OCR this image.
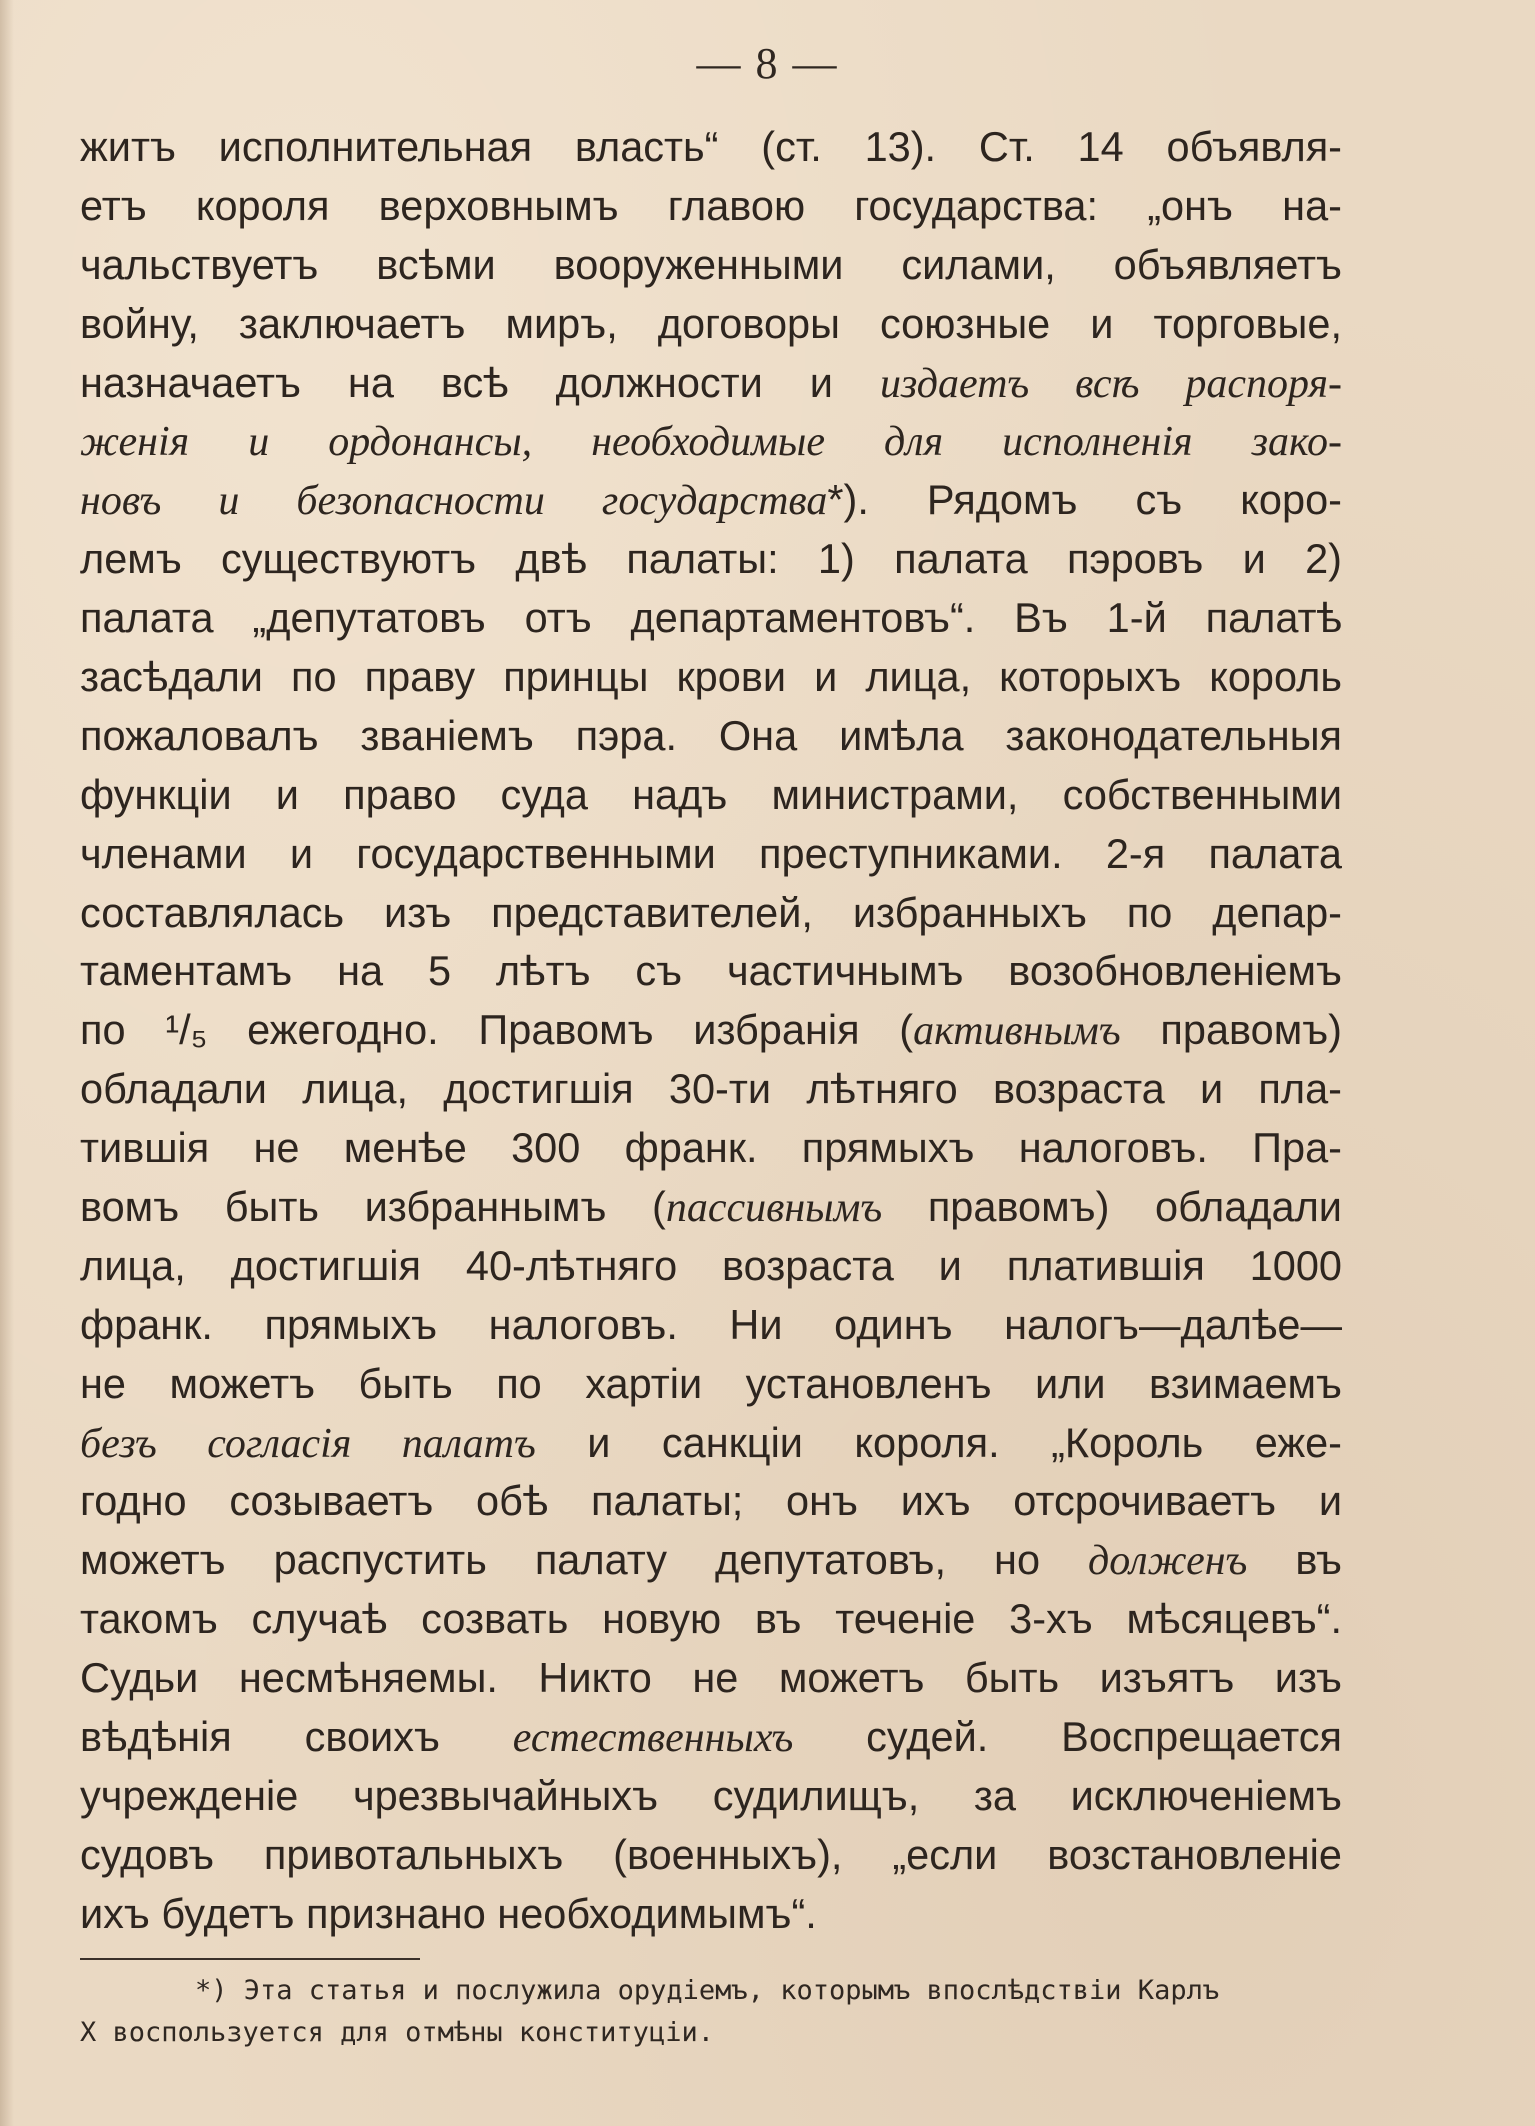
— 8 —
житъ исполнительная власть“ (ст. 13). Ст. 14 объявля-
етъ короля верховнымъ главою государства: „онъ на-
чальствуетъ всѣми вооруженными силами, объявляетъ
войну, заключаетъ миръ, договоры союзные и торговые,
назначаетъ на всѣ должности и издаетъ всѣ распоря-
женія и ордонансы, необходимые для исполненія зако-
новъ и безопасности государства*). Рядомъ съ коро-
лемъ существуютъ двѣ палаты: 1) палата пэровъ и 2)
палата „депутатовъ отъ департаментовъ“. Въ 1-й палатѣ
засѣдали по праву принцы крови и лица, которыхъ король
пожаловалъ званіемъ пэра. Она имѣла законодательныя
функціи и право суда надъ министрами, собственными
членами и государственными преступниками. 2-я палата
составлялась изъ представителей, избранныхъ по депар-
таментамъ на 5 лѣтъ съ частичнымъ возобновленіемъ
по ¹/₅ ежегодно. Правомъ избранія (активнымъ правомъ)
обладали лица, достигшія 30-ти лѣтняго возраста и пла-
тившія не менѣе 300 франк. прямыхъ налоговъ. Пра-
вомъ быть избраннымъ (пассивнымъ правомъ) обладали
лица, достигшія 40-лѣтняго возраста и платившія 1000
франк. прямыхъ налоговъ. Ни одинъ налогъ—далѣе—
не можетъ быть по хартіи установленъ или взимаемъ
безъ согласія палатъ и санкціи короля. „Король еже-
годно созываетъ обѣ палаты; онъ ихъ отсрочиваетъ и
можетъ распустить палату депутатовъ, но долженъ въ
такомъ случаѣ созвать новую въ теченіе 3-хъ мѣсяцевъ“.
Судьи несмѣняемы. Никто не можетъ быть изъятъ изъ
вѣдѣнія своихъ естественныхъ судей. Воспрещается
учрежденіе чрезвычайныхъ судилищъ, за исключеніемъ
судовъ привотальныхъ (военныхъ), „если возстановленіе
ихъ будетъ признано необходимымъ“.
*) Эта статья и послужила орудіемъ, которымъ впослѣдствіи Карлъ
X воспользуется для отмѣны конституціи.
